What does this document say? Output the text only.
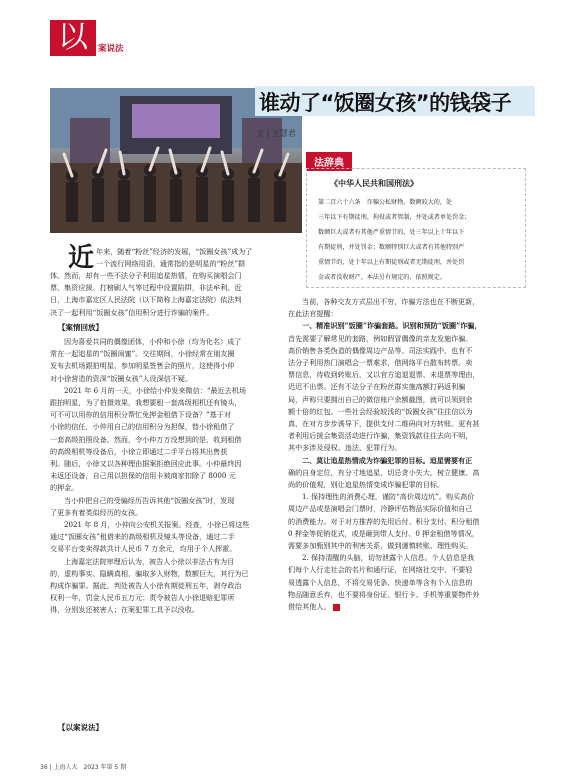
以	案说法
谁动了“饭圈女孩”的钱袋子
文 | 王慧君
法辞典
《中华人民共和国刑法》
第二百六十六条　诈骗公私财物，数额较大的，处
三年以下有期徒刑、拘役或者管制，并处或者单处罚金；
数额巨大或者有其他严重情节的，处三年以上十年以下
有期徒刑，并处罚金；数额特别巨大或者有其他特别严
重情节的，处十年以上有期徒刑或者无期徒刑，并处罚
金或者没收财产。本法另有规定的，依照规定。
近 年来，随着“粉丝”经济的发展，“饭圈女孩”成为了
一个流行网络用语，通常指的是明星的“粉丝”群
体。然而，却有一些不法分子利用追星热情，在购买演唱会门
票、集资应援、打榜刷人气等过程中设置陷阱，非法牟利。近
日，上海市嘉定区人民法院（以下简称上海嘉定法院）依法判
决了一起利用“饭圈女孩”信用积分进行诈骗的案件。
【案情回放】
因为喜爱共同的偶像团体，小仲和小徐（均为化名）成了
常在一起追星的“饭圈闺蜜”。交往期间，小徐经常在朋友圈
发布去机场跟拍明星、参加明星签售会的照片，这使得小仲
对小徐营造的资深“饭圈女孩”人设深信不疑。
2021 年 6 月的一天，小徐给小仲发来微信：“最近去机场
跟拍明星，为了拍摄效果，我想要租一套高级相机还有镜头，
可不可以用你的信用积分帮忙免押金租借下设备？”基于对
小徐的信任，小仲用自己的信用积分为担保，替小徐租借了
一套高级拍照设备。然而，令小仲万万没想到的是，收到租借
的高级相机等设备后，小徐立即通过二手平台将其出售获
利。随后，小徐又以各种理由据案拒绝回应此事。小仲最终因
未返还设备，自己用以担保的信用卡被商家扣除了 8000 元
的押金。
当小仲把自己的受骗经历告诉其他“饭圈女孩”时，发现
了更多有着类似经历的女孩。
2021 年 8 月，小仲向公安机关报案。经查，小徐已将这些
通过“饭圈女孩”租借来的高级相机及镜头等设备，通过二手
交易平台变卖得款共计人民币 7 万余元，均用于个人挥霍。
上海嘉定法院审理后认为，被告人小徐以非法占有为目
的，虚构事实、隐瞒真相，骗取多人财物，数额巨大，其行为已
构成诈骗罪。据此，判处被告人小徐有期徒刑五年，剥夺政治
权利一年，罚金人民币五万元；责令被告人小徐退赔犯罪所
得，分别发还被害人；在案犯罪工具予以没收。
【以案说法】
当前，各种交友方式层出不穷，诈骗方法也在不断更新，
在此法官提醒：
一、精准识别“饭圈”诈骗套路。识别和预防“饭圈”诈骗，
首先需要了解常见的套路，例如假冒偶像的亲友发施诈骗、
高价销售各类伪造的偶像周边产品等。司法实践中，也有不
法分子利用热门演唱会一票难求，借网络平台散布转票、卖
票信息，待收到转账后，又以官方追退退票、未退票等理由，
迟迟不出票。还有不法分子在粉丝群实施高额打码返利骗
局，声称只要拥出自己的微信账户余额截图，就可以领到余
额十倍的红包。一些社会经验较浅的“饭圈女孩”往往信以为
真，在对方步步诱导下，提供支付二维码向对方转账。更有甚
者利用后援会集资活动进行诈骗，集资钱款往往去向不明，
其中多涉及侵权、违法、犯罪行为。
二、莫让追星热情成为诈骗犯罪的目标。追星需要有正
确的自身定位，有分寸地追星，切忌贪小失大。树立健康、高
尚的价值观，别让追星热情变成诈骗犯罪的目标。
1. 保持理性的消费心理，谨防“高价周边坑”。购买高价
周边产品或是演唱会门票时，冷静评估物品实际价值和自己
的消费能力。对于对方推荐的先用后付、积分支付、积分租借
0 押金等促销花式，或是砸到带人支付、0 押金租借等情况，
需要多加甄别其中的利害关系，做到谨慎转账、理性购买。
2. 保持清醒的头脑，切勿泄露个人信息。个人信息是我
们每个人行走社会的名片和通行证，在网络社交中，不要轻
易透露个人信息，不将交易凭条、快递单等含有个人信息的
物品随意丢弃，也不要将身份证、银行卡、手机等重要物件外
借给其他人。
36 | 上海人大　2023 年第 5 期
